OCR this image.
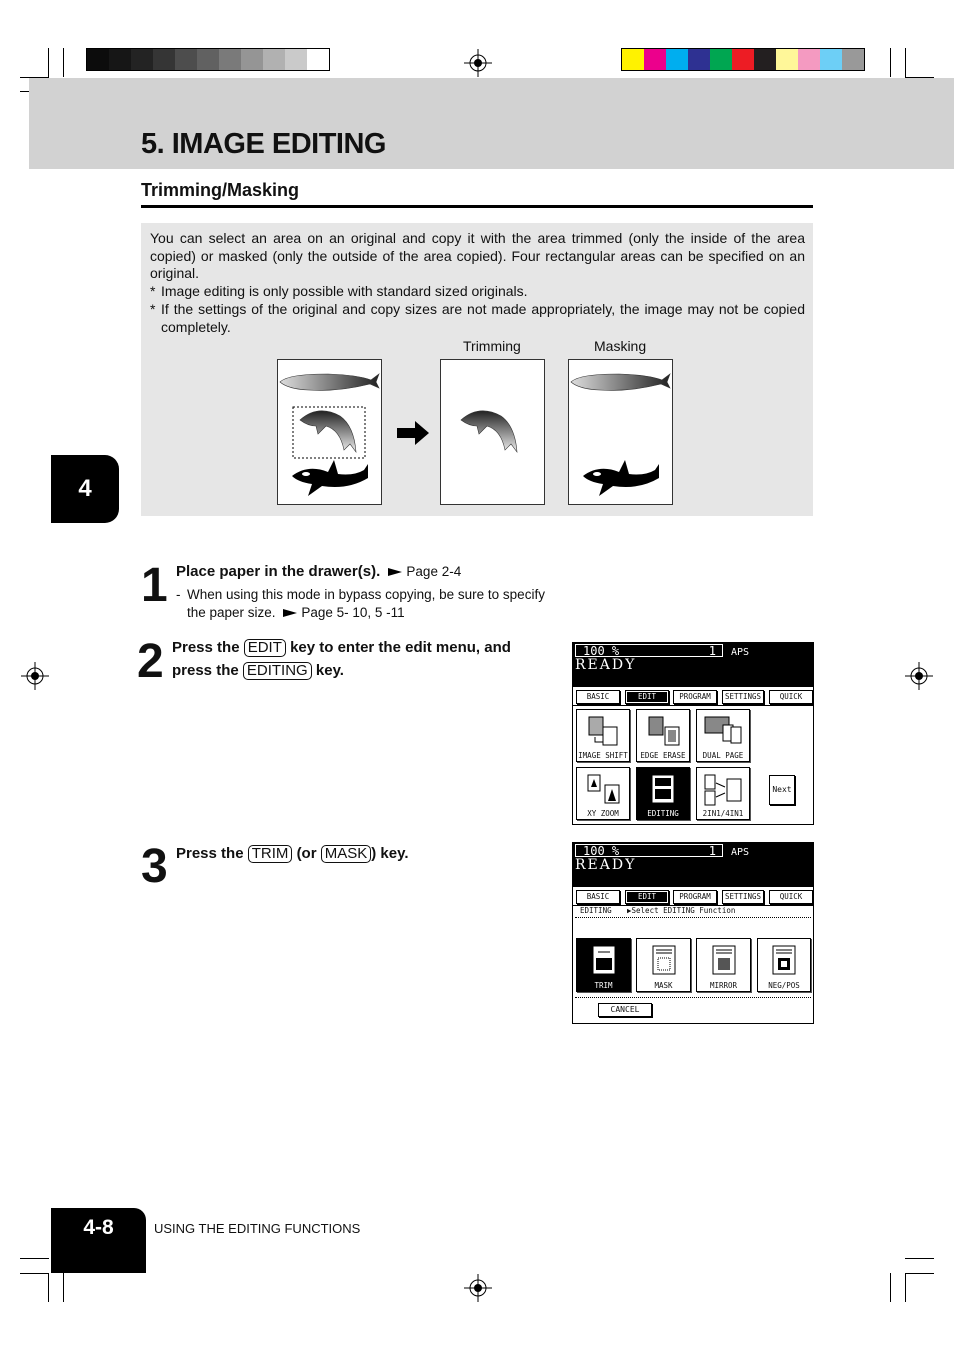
5. IMAGE EDITING
Trimming/Masking
4

You can select an area on an original and copy it with the area trimmed (only the inside of the area copied) or masked (only the outside of the area copied). Four rectangular areas can be specified on an original.

* Image editing is only possible with standard sized originals.

* If the settings of the original and copy sizes are not made appropriately, the image may not be copied completely.

Trimming	Masking

1 Place paper in the drawer(s). Page 2-4
- When using this mode in bypass copying, be sure to specify
the paper size. Page 5- 10, 5 -11
2 Press the EDIT key to enter the edit menu, and
press the EDITING key.
100 %	1 APS
READY
BASIC	EDIT	PROGRAM	SETTINGS	QUICK
IMAGE SHIFT	EDGE ERASE	DUAL PAGE
XY ZOOM	EDITING	2IN1/4IN1
Next
3 Press the TRIM (or MASK ) key.	100 %	1 APS
READY
BASIC	EDIT	PROGRAM	SETTINGS	QUICK
EDITING ▶Select EDITING Function
TRIM	MASK	MIRROR	NEG/POS
CANCEL
4-8	USING THE EDITING FUNCTIONS
